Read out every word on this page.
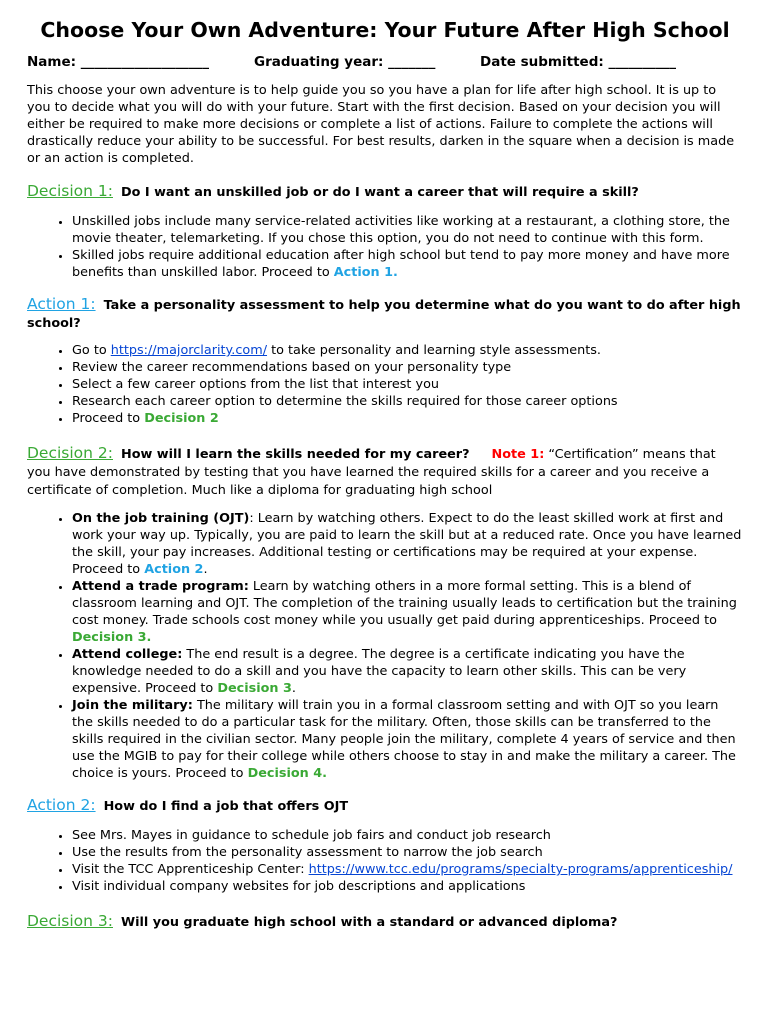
Choose Your Own Adventure: Your Future After High School
Name: ___________________	Graduating year: _______	Date submitted: __________

This choose your own adventure is to help guide you so you have a plan for life after high school. It is up to you to decide what you will do with your future. Start with the first decision. Based on your decision you will either be required to make more decisions or complete a list of actions. Failure to complete the actions will drastically reduce your ability to be successful. For best results, darken in the square when a decision is made or an action is completed.

Decision 1: Do I want an unskilled job or do I want a career that will require a skill?
• Unskilled jobs include many service-related activities like working at a restaurant, a clothing store, the movie theater, telemarketing. If you chose this option, you do not need to continue with this form.
• Skilled jobs require additional education after high school but tend to pay more money and have more benefits than unskilled labor. Proceed to Action 1.
Action 1: Take a personality assessment to help you determine what do you want to do after high school?
• Go to https://majorclarity.com/ to take personality and learning style assessments.
• Review the career recommendations based on your personality type
• Select a few career options from the list that interest you
• Research each career option to determine the skills required for those career options
• Proceed to Decision 2
Decision 2: How will I learn the skills needed for my career? Note 1: “Certification” means that you have demonstrated by testing that you have learned the required skills for a career and you receive a certificate of completion. Much like a diploma for graduating high school
• On the job training (OJT): Learn by watching others. Expect to do the least skilled work at first and work your way up. Typically, you are paid to learn the skill but at a reduced rate. Once you have learned the skill, your pay increases. Additional testing or certifications may be required at your expense. Proceed to Action 2.
• Attend a trade program: Learn by watching others in a more formal setting. This is a blend of classroom learning and OJT. The completion of the training usually leads to certification but the training cost money. Trade schools cost money while you usually get paid during apprenticeships. Proceed to Decision 3.
• Attend college: The end result is a degree. The degree is a certificate indicating you have the knowledge needed to do a skill and you have the capacity to learn other skills. This can be very expensive. Proceed to Decision 3.
• Join the military: The military will train you in a formal classroom setting and with OJT so you learn the skills needed to do a particular task for the military. Often, those skills can be transferred to the skills required in the civilian sector. Many people join the military, complete 4 years of service and then use the MGIB to pay for their college while others choose to stay in and make the military a career. The choice is yours. Proceed to Decision 4.
Action 2: How do I find a job that offers OJT
• See Mrs. Mayes in guidance to schedule job fairs and conduct job research
• Use the results from the personality assessment to narrow the job search
• Visit the TCC Apprenticeship Center: https://www.tcc.edu/programs/specialty-programs/apprenticeship/
• Visit individual company websites for job descriptions and applications
Decision 3: Will you graduate high school with a standard or advanced diploma?
